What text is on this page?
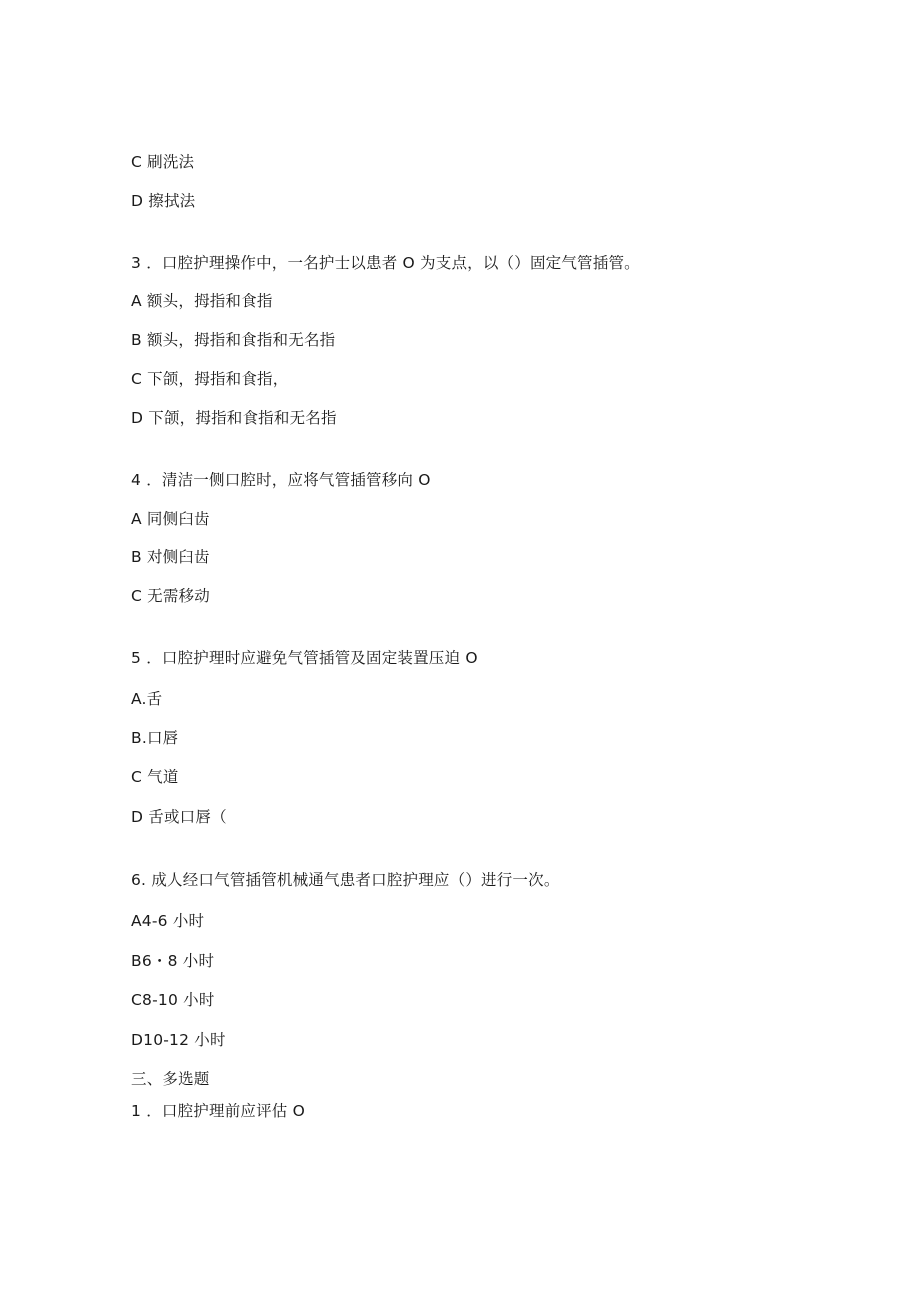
C 刷洗法
D 擦拭法
3 ．口腔护理操作中，一名护士以患者 O 为支点，以（）固定气管插管。
A 额头，拇指和食指
B 额头，拇指和食指和无名指
C 下颌，拇指和食指，
D 下颌，拇指和食指和无名指
4 ．清洁一侧口腔时，应将气管插管移向 O
A 同侧臼齿
B 对侧臼齿
C 无需移动
5 ．口腔护理时应避免气管插管及固定装置压迫 O
A.舌
B.口唇
C 气道
D 舌或口唇（
6. 成人经口气管插管机械通气患者口腔护理应（）进行一次。
A4-6 小时
B6・8 小时
C8-10 小时
D10-12 小时
三、多选题
1 ．口腔护理前应评估 O
